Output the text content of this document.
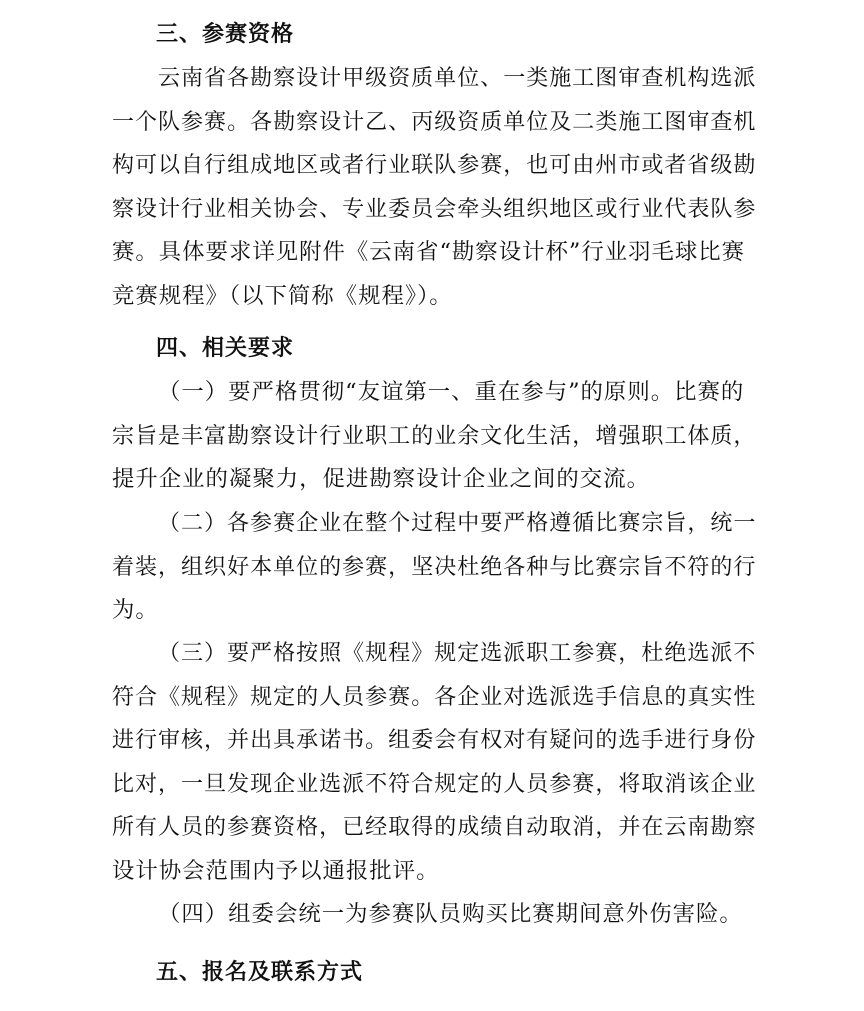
三、参赛资格
云南省各勘察设计甲级资质单位、一类施工图审查机构选派
一个队参赛。各勘察设计乙、丙级资质单位及二类施工图审查机
构可以自行组成地区或者行业联队参赛，也可由州市或者省级勘
察设计行业相关协会、专业委员会牵头组织地区或行业代表队参
赛。具体要求详见附件《云南省“勘察设计杯”行业羽毛球比赛
竞赛规程》（以下简称《规程》）。
四、相关要求
（一）要严格贯彻“友谊第一、重在参与”的原则。比赛的
宗旨是丰富勘察设计行业职工的业余文化生活，增强职工体质，
提升企业的凝聚力，促进勘察设计企业之间的交流。
（二）各参赛企业在整个过程中要严格遵循比赛宗旨，统一
着装，组织好本单位的参赛，坚决杜绝各种与比赛宗旨不符的行
为。
（三）要严格按照《规程》规定选派职工参赛，杜绝选派不
符合《规程》规定的人员参赛。各企业对选派选手信息的真实性
进行审核，并出具承诺书。组委会有权对有疑问的选手进行身份
比对，一旦发现企业选派不符合规定的人员参赛，将取消该企业
所有人员的参赛资格，已经取得的成绩自动取消，并在云南勘察
设计协会范围内予以通报批评。
（四）组委会统一为参赛队员购买比赛期间意外伤害险。
五、报名及联系方式
